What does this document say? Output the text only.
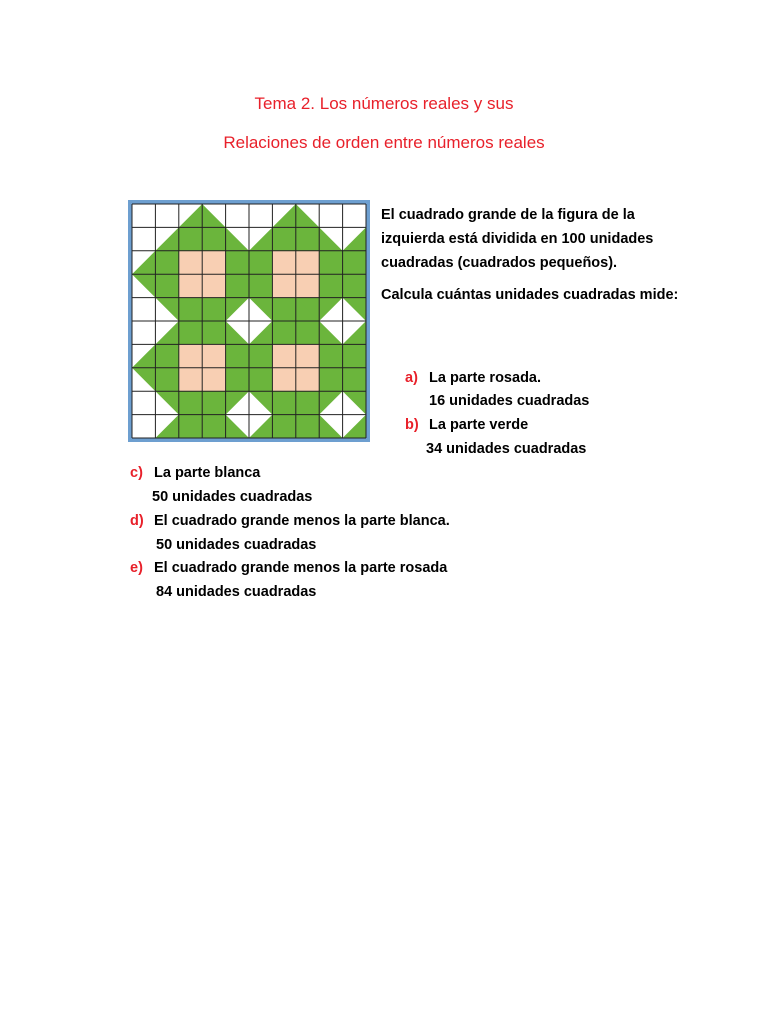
Tema 2. Los números reales y sus
Relaciones de orden entre números reales

El cuadrado grande de la figura de la izquierda está dividida en 100 unidades cuadradas (cuadrados pequeños).

Calcula cuántas unidades cuadradas mide:

a) La parte rosada.
16 unidades cuadradas
b) La parte verde
34 unidades cuadradas
c) La parte blanca
50 unidades cuadradas
d) El cuadrado grande menos la parte blanca.
50 unidades cuadradas
e) El cuadrado grande menos la parte rosada
84 unidades cuadradas
